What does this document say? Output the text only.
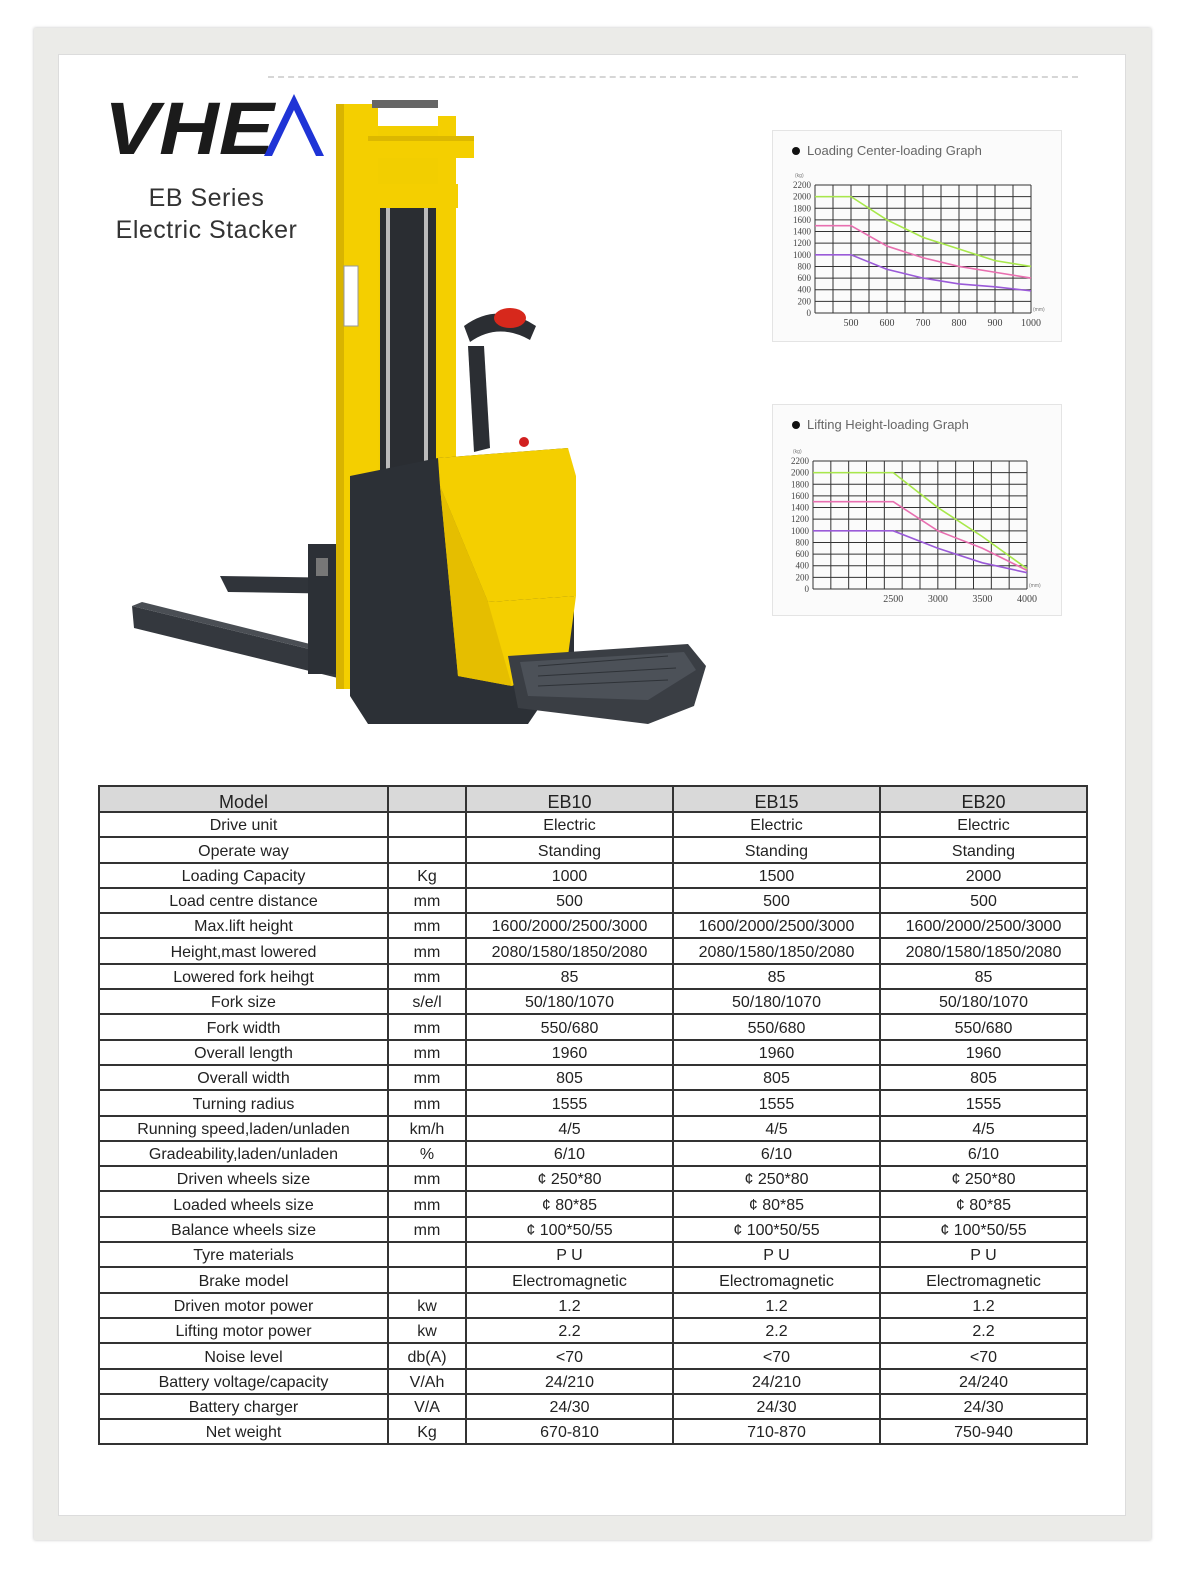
VHE
EB Series
Electric Stacker
Loading Center-loading Graph
2200
2000
1800
1600
1400
1200
1000
800
600
400
200
0
(kg)
(mm)
500 600 700 800 900 1000
Lifting Height-loading Graph
2200
2000
1800
1600
1400
1200
1000
800
600
400
200
0
(kg)
(mm)
2500 3000 3500 4000
Model		EB10	EB15	EB20
Drive unit		Electric	Electric	Electric
Operate way		Standing	Standing	Standing
Loading Capacity	Kg	1000	1500	2000
Load centre distance	mm	500	500	500
Max.lift height	mm	1600/2000/2500/3000	1600/2000/2500/3000	1600/2000/2500/3000
Height,mast lowered	mm	2080/1580/1850/2080	2080/1580/1850/2080	2080/1580/1850/2080
Lowered fork heihgt	mm	85	85	85
Fork size	s/e/l	50/180/1070	50/180/1070	50/180/1070
Fork width	mm	550/680	550/680	550/680
Overall length	mm	1960	1960	1960
Overall width	mm	805	805	805
Turning radius	mm	1555	1555	1555
Running speed,laden/unladen	km/h	4/5	4/5	4/5
Gradeability,laden/unladen	%	6/10	6/10	6/10
Driven wheels size	mm	¢ 250*80	¢ 250*80	¢ 250*80
Loaded wheels size	mm	¢ 80*85	¢ 80*85	¢ 80*85
Balance wheels size	mm	¢ 100*50/55	¢ 100*50/55	¢ 100*50/55
Tyre materials		P U	P U	P U
Brake model		Electromagnetic	Electromagnetic	Electromagnetic
Driven motor power	kw	1.2	1.2	1.2
Lifting motor power	kw	2.2	2.2	2.2
Noise level	db(A)	<70	<70	<70
Battery voltage/capacity	V/Ah	24/210	24/210	24/240
Battery charger	V/A	24/30	24/30	24/30
Net weight	Kg	670-810	710-870	750-940
